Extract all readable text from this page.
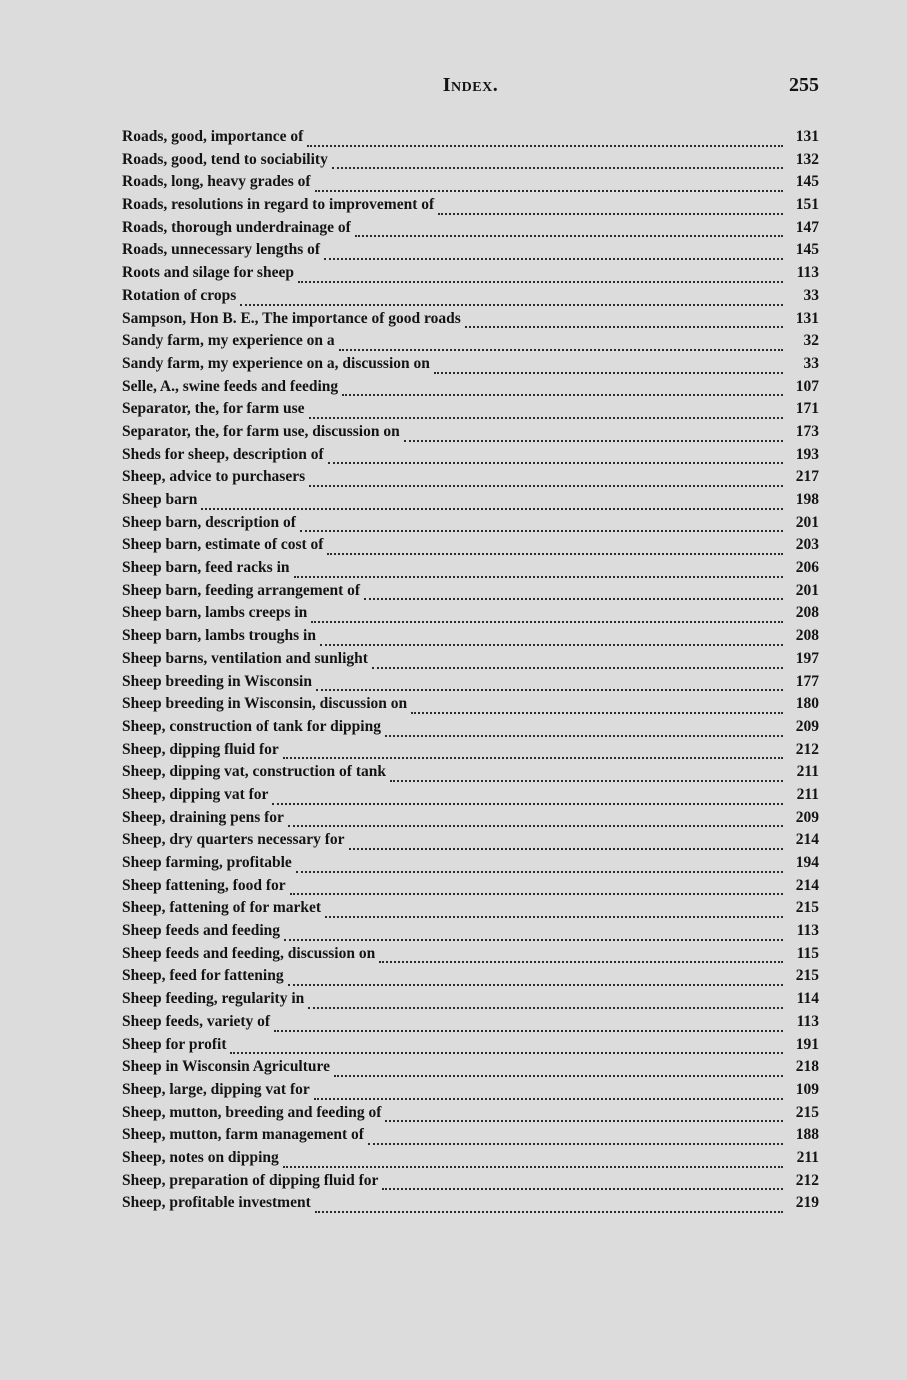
Index.	255
Roads, good, importance of	131
Roads, good, tend to sociability	132
Roads, long, heavy grades of	145
Roads, resolutions in regard to improvement of	151
Roads, thorough underdrainage of	147
Roads, unnecessary lengths of	145
Roots and silage for sheep	113
Rotation of crops	33
Sampson, Hon B. E., The importance of good roads	131
Sandy farm, my experience on a	32
Sandy farm, my experience on a, discussion on	33
Selle, A., swine feeds and feeding	107
Separator, the, for farm use	171
Separator, the, for farm use, discussion on	173
Sheds for sheep, description of	193
Sheep, advice to purchasers	217
Sheep barn	198
Sheep barn, description of	201
Sheep barn, estimate of cost of	203
Sheep barn, feed racks in	206
Sheep barn, feeding arrangement of	201
Sheep barn, lambs creeps in	208
Sheep barn, lambs troughs in	208
Sheep barns, ventilation and sunlight	197
Sheep breeding in Wisconsin	177
Sheep breeding in Wisconsin, discussion on	180
Sheep, construction of tank for dipping	209
Sheep, dipping fluid for	212
Sheep, dipping vat, construction of tank	211
Sheep, dipping vat for	211
Sheep, draining pens for	209
Sheep, dry quarters necessary for	214
Sheep farming, profitable	194
Sheep fattening, food for	214
Sheep, fattening of for market	215
Sheep feeds and feeding	113
Sheep feeds and feeding, discussion on	115
Sheep, feed for fattening	215
Sheep feeding, regularity in	114
Sheep feeds, variety of	113
Sheep for profit	191
Sheep in Wisconsin Agriculture	218
Sheep, large, dipping vat for	109
Sheep, mutton, breeding and feeding of	215
Sheep, mutton, farm management of	188
Sheep, notes on dipping	211
Sheep, preparation of dipping fluid for	212
Sheep, profitable investment	219
